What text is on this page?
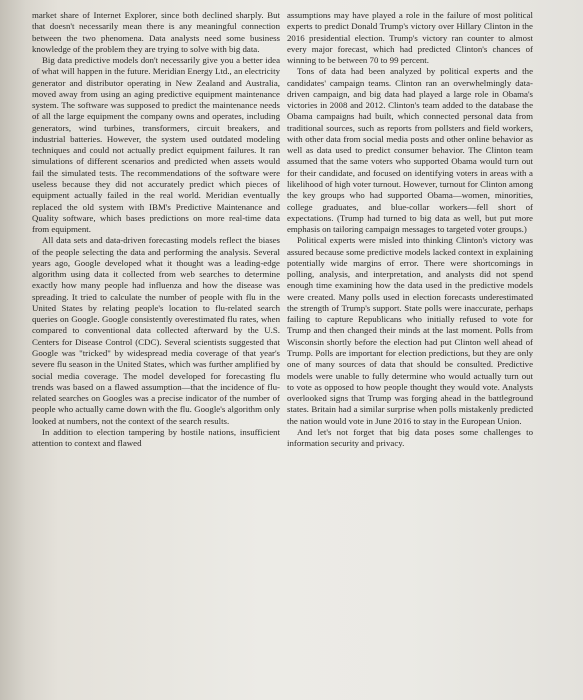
market share of Internet Explorer, since both declined sharply. But that doesn't necessarily mean there is any meaningful connection between the two phenomena. Data analysts need some business knowledge of the problem they are trying to solve with big data.

Big data predictive models don't necessarily give you a better idea of what will happen in the future. Meridian Energy Ltd., an electricity generator and distributor operating in New Zealand and Australia, moved away from using an aging predictive equipment maintenance system. The software was supposed to predict the maintenance needs of all the large equipment the company owns and operates, including generators, wind turbines, transformers, circuit breakers, and industrial batteries. However, the system used outdated modeling techniques and could not actually predict equipment failures. It ran simulations of different scenarios and predicted when assets would fail the simulated tests. The recommendations of the software were useless because they did not accurately predict which pieces of equipment actually failed in the real world. Meridian eventually replaced the old system with IBM's Predictive Maintenance and Quality software, which bases predictions on more real-time data from equipment.

All data sets and data-driven forecasting models reflect the biases of the people selecting the data and performing the analysis. Several years ago, Google developed what it thought was a leading-edge algorithm using data it collected from web searches to determine exactly how many people had influenza and how the disease was spreading. It tried to calculate the number of people with flu in the United States by relating people's location to flu-related search queries on Google. Google consistently overestimated flu rates, when compared to conventional data collected afterward by the U.S. Centers for Disease Control (CDC). Several scientists suggested that Google was "tricked" by widespread media coverage of that year's severe flu season in the United States, which was further amplified by social media coverage. The model developed for forecasting flu trends was based on a flawed assumption—that the incidence of flu-related searches on Googles was a precise indicator of the number of people who actually came down with the flu. Google's algorithm only looked at numbers, not the context of the search results.

In addition to election tampering by hostile nations, insufficient attention to context and flawed

assumptions may have played a role in the failure of most political experts to predict Donald Trump's victory over Hillary Clinton in the 2016 presidential election. Trump's victory ran counter to almost every major forecast, which had predicted Clinton's chances of winning to be between 70 to 99 percent.

Tons of data had been analyzed by political experts and the candidates' campaign teams. Clinton ran an overwhelmingly data-driven campaign, and big data had played a large role in Obama's victories in 2008 and 2012. Clinton's team added to the database the Obama campaigns had built, which connected personal data from traditional sources, such as reports from pollsters and field workers, with other data from social media posts and other online behavior as well as data used to predict consumer behavior. The Clinton team assumed that the same voters who supported Obama would turn out for their candidate, and focused on identifying voters in areas with a likelihood of high voter turnout. However, turnout for Clinton among the key groups who had supported Obama—women, minorities, college graduates, and blue-collar workers—fell short of expectations. (Trump had turned to big data as well, but put more emphasis on tailoring campaign messages to targeted voter groups.)

Political experts were misled into thinking Clinton's victory was assured because some predictive models lacked context in explaining potentially wide margins of error. There were shortcomings in polling, analysis, and interpretation, and analysts did not spend enough time examining how the data used in the predictive models were created. Many polls used in election forecasts underestimated the strength of Trump's support. State polls were inaccurate, perhaps failing to capture Republicans who initially refused to vote for Trump and then changed their minds at the last moment. Polls from Wisconsin shortly before the election had put Clinton well ahead of Trump. Polls are important for election predictions, but they are only one of many sources of data that should be consulted. Predictive models were unable to fully determine who would actually turn out to vote as opposed to how people thought they would vote. Analysts overlooked signs that Trump was forging ahead in the battleground states. Britain had a similar surprise when polls mistakenly predicted the nation would vote in June 2016 to stay in the European Union.

And let's not forget that big data poses some challenges to information security and privacy.
